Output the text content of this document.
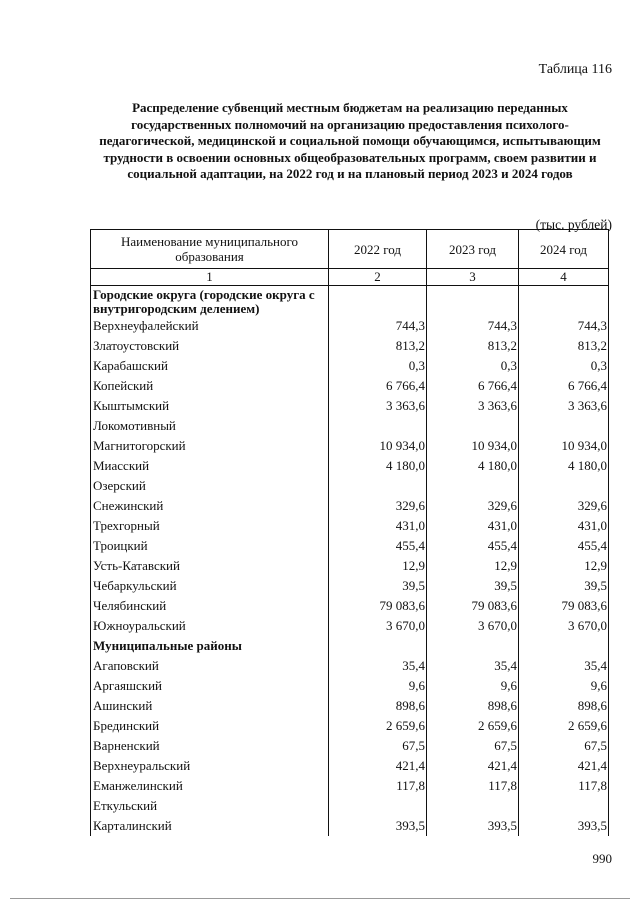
Таблица 116
Распределение субвенций местным бюджетам на реализацию переданных государственных полномочий на организацию предоставления психолого-педагогической, медицинской и социальной помощи обучающимся, испытывающим трудности в освоении основных общеобразовательных программ, своем развитии и социальной адаптации, на 2022 год и на плановый период 2023 и 2024 годов
(тыс. рублей)
Наименование муниципального образования	2022 год	2023 год	2024 год
1	2	3	4
Городские округа (городские округа с внутригородским делением)			
Верхнеуфалейский	744,3	744,3	744,3
Златоустовский	813,2	813,2	813,2
Карабашский	0,3	0,3	0,3
Копейский	6 766,4	6 766,4	6 766,4
Кыштымский	3 363,6	3 363,6	3 363,6
Локомотивный			
Магнитогорский	10 934,0	10 934,0	10 934,0
Миасский	4 180,0	4 180,0	4 180,0
Озерский			
Снежинский	329,6	329,6	329,6
Трехгорный	431,0	431,0	431,0
Троицкий	455,4	455,4	455,4
Усть-Катавский	12,9	12,9	12,9
Чебаркульский	39,5	39,5	39,5
Челябинский	79 083,6	79 083,6	79 083,6
Южноуральский	3 670,0	3 670,0	3 670,0
Муниципальные районы			
Агаповский	35,4	35,4	35,4
Аргаяшский	9,6	9,6	9,6
Ашинский	898,6	898,6	898,6
Брединский	2 659,6	2 659,6	2 659,6
Варненский	67,5	67,5	67,5
Верхнеуральский	421,4	421,4	421,4
Еманжелинский	117,8	117,8	117,8
Еткульский			
Карталинский	393,5	393,5	393,5
990
